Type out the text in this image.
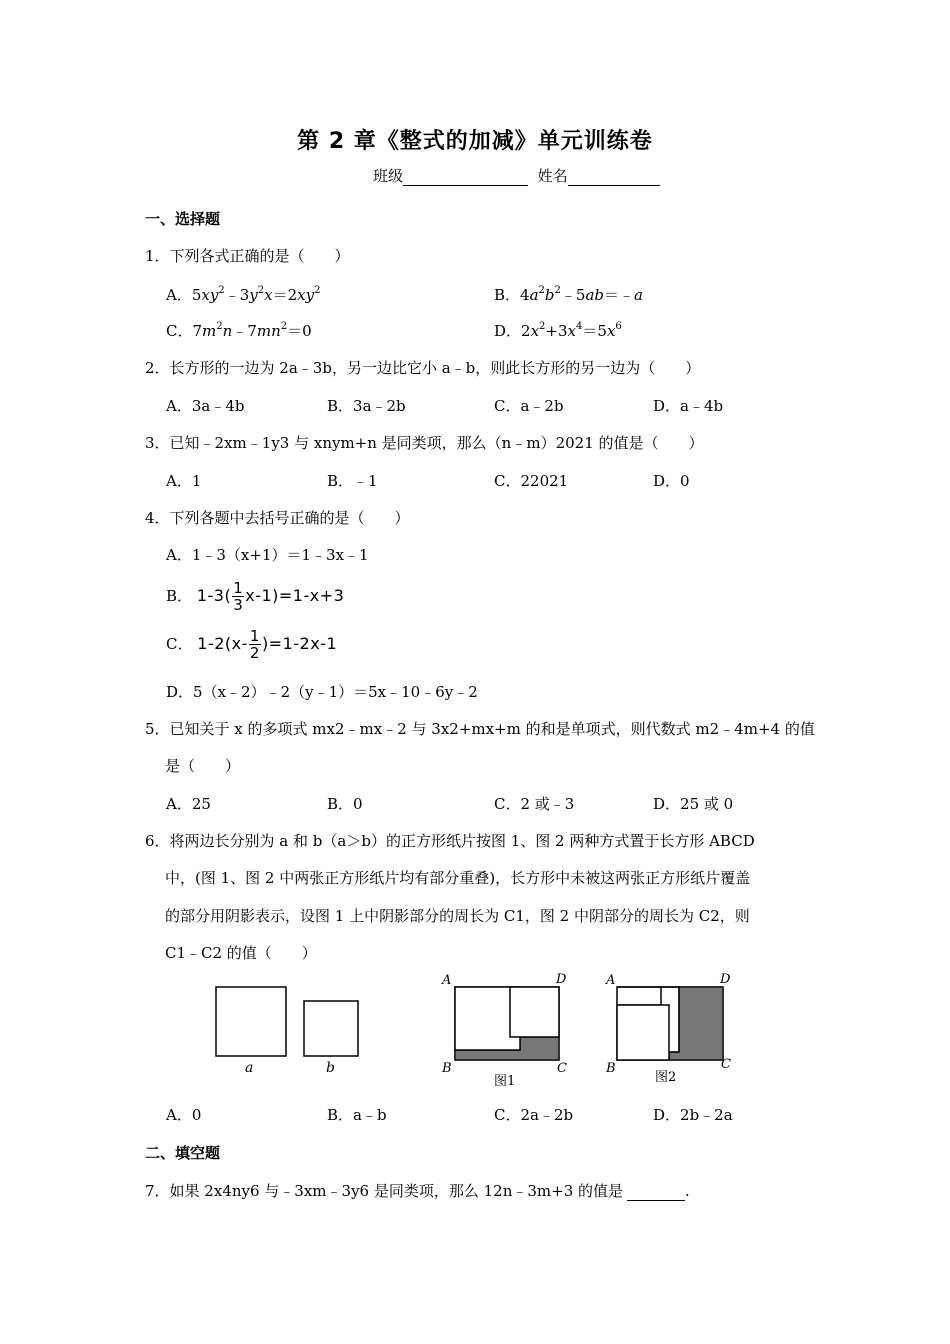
第 2 章《整式的加减》单元训练卷
班级	姓名
一、选择题
1．下列各式正确的是（　　）
A．$5xy^2﹣3y^2x=2xy^2$	B．$4a^2b^2﹣5ab=﹣a$
C．$7m^2n﹣7mn^2=0$	D．$2x^2+3x^4=5x^6$
2．长方形的一边为 2a﹣3b，另一边比它小 a﹣b，则此长方形的另一边为（　　）
A．3a﹣4b	B．3a﹣2b	C．a﹣2b	D．a﹣4b
3．已知﹣2xm﹣1y3 与 xnym+n 是同类项，那么（n﹣m）2021 的值是（　　）
A．1	B．﹣1	C．22021	D．0
4．下列各题中去括号正确的是（　　）
A．1﹣3（x+1）＝1﹣3x﹣1
B． $1-3( \frac{1}{3} x-1)=1-x+3$
C． $1-2(x- \frac{1}{2} )=1-2x-1$
D．5（x﹣2）﹣2（y﹣1）＝5x﹣10﹣6y﹣2
5．已知关于 x 的多项式 mx2﹣mx﹣2 与 3x2+mx+m 的和是单项式，则代数式 m2﹣4m+4 的值
是（　　）
A．25	B．0	C．2 或﹣3	D．25 或 0
6．将两边长分别为 a 和 b（a＞b）的正方形纸片按图 1、图 2 两种方式置于长方形 ABCD
中，(图 1、图 2 中两张正方形纸片均有部分重叠)，长方形中未被这两张正方形纸片覆盖
的部分用阴影表示，设图 1 上中阴影部分的周长为 C1，图 2 中阴部分的周长为 C2，则
C1﹣C2 的值（　　）
a	b
A	D
B	C
图1
A	D
B	C
图2
A．0	B．a﹣b	C．2a﹣2b	D．2b﹣2a
二、填空题
7．如果 2x4ny6 与﹣3xm﹣3y6 是同类项，那么 12n﹣3m+3 的值是	.
